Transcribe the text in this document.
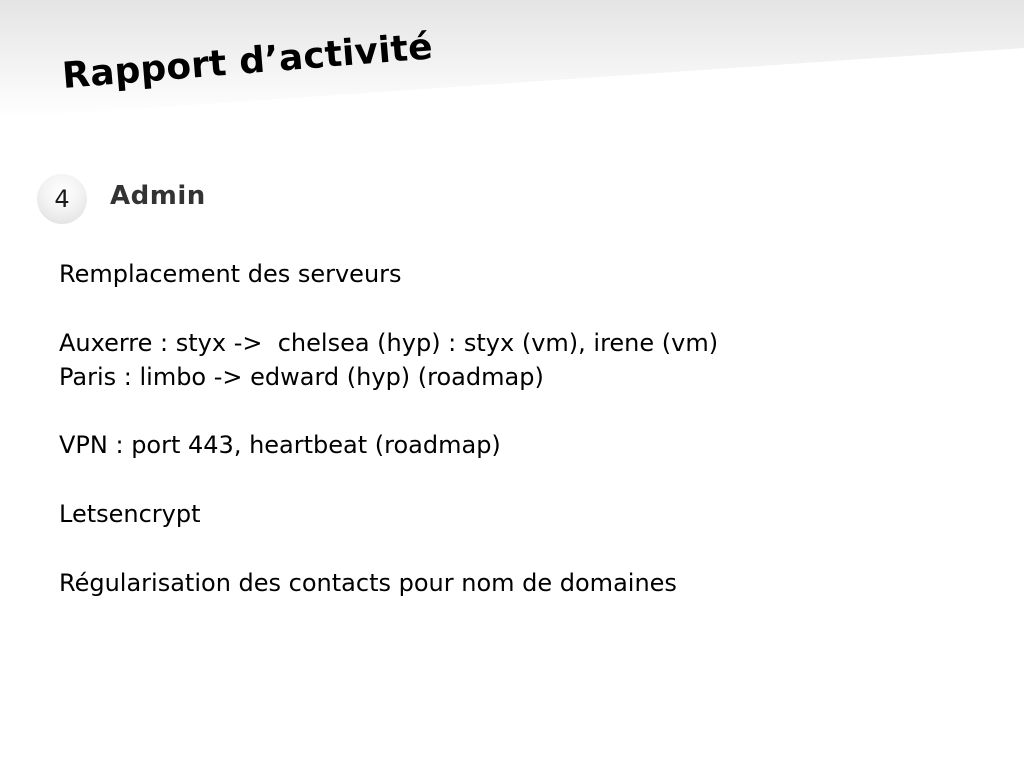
Rapport d’activité
4	Admin
Remplacement des serveurs
Auxerre : styx ->  chelsea (hyp) : styx (vm), irene (vm)
Paris : limbo -> edward (hyp) (roadmap)
VPN : port 443, heartbeat (roadmap)
Letsencrypt
Régularisation des contacts pour nom de domaines
